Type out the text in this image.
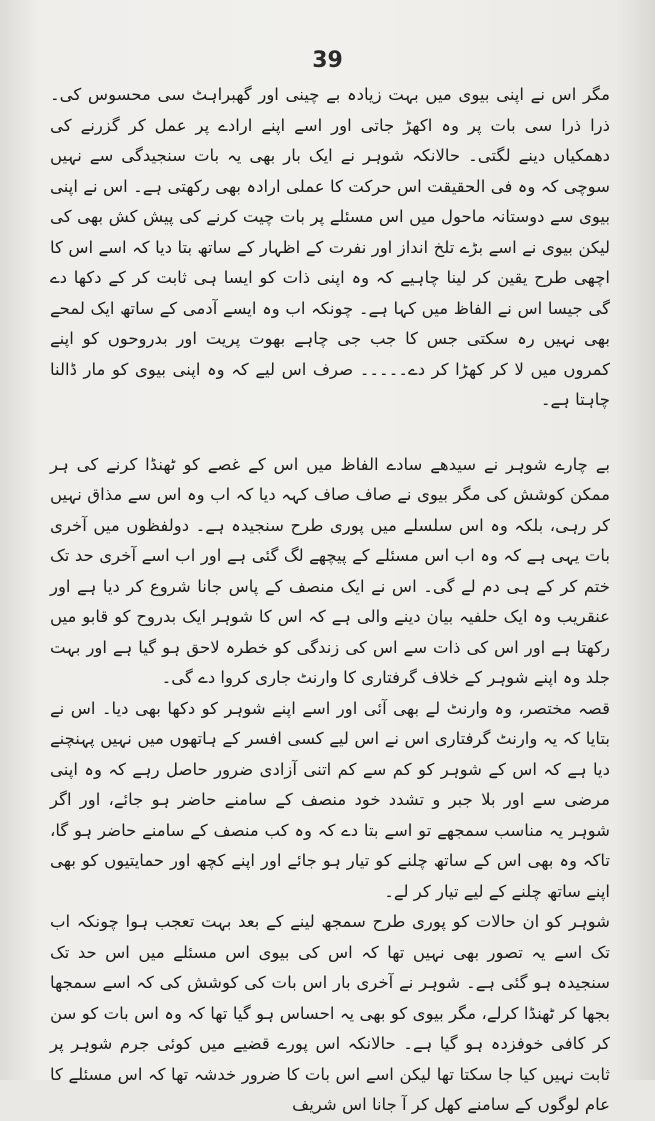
39

مگر اس نے اپنی بیوی میں بہت زیادہ بے چینی اور گھبراہٹ سی محسوس کی۔ ذرا ذرا سی بات پر وہ اکھڑ جاتی اور اسے اپنے ارادے پر عمل کر گزرنے کی دھمکیاں دینے لگتی۔ حالانکہ شوہر نے ایک بار بھی یہ بات سنجیدگی سے نہیں سوچی کہ وہ فی الحقیقت اس حرکت کا عملی ارادہ بھی رکھتی ہے۔ اس نے اپنی بیوی سے دوستانہ ماحول میں اس مسئلے پر بات چیت کرنے کی پیش کش بھی کی لیکن بیوی نے اسے بڑے تلخ انداز اور نفرت کے اظہار کے ساتھ بتا دیا کہ اسے اس کا اچھی طرح یقین کر لینا چاہیے کہ وہ اپنی ذات کو ایسا ہی ثابت کر کے دکھا دے گی جیسا اس نے الفاظ میں کہا ہے۔ چونکہ اب وہ ایسے آدمی کے ساتھ ایک لمحے بھی نہیں رہ سکتی جس کا جب جی چاہے بھوت پریت اور بدروحوں کو اپنے کمروں میں لا کر کھڑا کر دے۔۔۔۔۔ صرف اس لیے کہ وہ اپنی بیوی کو مار ڈالنا چاہتا ہے۔

بے چارے شوہر نے سیدھے سادے الفاظ میں اس کے غصے کو ٹھنڈا کرنے کی ہر ممکن کوشش کی مگر بیوی نے صاف صاف کہہ دیا کہ اب وہ اس سے مذاق نہیں کر رہی، بلکہ وہ اس سلسلے میں پوری طرح سنجیدہ ہے۔ دولفظوں میں آخری بات یہی ہے کہ وہ اب اس مسئلے کے پیچھے لگ گئی ہے اور اب اسے آخری حد تک ختم کر کے ہی دم لے گی۔ اس نے ایک منصف کے پاس جانا شروع کر دیا ہے اور عنقریب وہ ایک حلفیہ بیان دینے والی ہے کہ اس کا شوہر ایک بدروح کو قابو میں رکھتا ہے اور اس کی ذات سے اس کی زندگی کو خطرہ لاحق ہو گیا ہے اور بہت جلد وہ اپنے شوہر کے خلاف گرفتاری کا وارنٹ جاری کروا دے گی۔

قصہ مختصر، وہ وارنٹ لے بھی آئی اور اسے اپنے شوہر کو دکھا بھی دیا۔ اس نے بتایا کہ یہ وارنٹ گرفتاری اس نے اس لیے کسی افسر کے ہاتھوں میں نہیں پہنچنے دیا ہے کہ اس کے شوہر کو کم سے کم اتنی آزادی ضرور حاصل رہے کہ وہ اپنی مرضی سے اور بلا جبر و تشدد خود منصف کے سامنے حاضر ہو جائے، اور اگر شوہر یہ مناسب سمجھے تو اسے بتا دے کہ وہ کب منصف کے سامنے حاضر ہو گا، تاکہ وہ بھی اس کے ساتھ چلنے کو تیار ہو جائے اور اپنے کچھ اور حمایتیوں کو بھی اپنے ساتھ چلنے کے لیے تیار کر لے۔

شوہر کو ان حالات کو پوری طرح سمجھ لینے کے بعد بہت تعجب ہوا چونکہ اب تک اسے یہ تصور بھی نہیں تھا کہ اس کی بیوی اس مسئلے میں اس حد تک سنجیدہ ہو گئی ہے۔ شوہر نے آخری بار اس بات کی کوشش کی کہ اسے سمجھا بجھا کر ٹھنڈا کرلے، مگر بیوی کو بھی یہ احساس ہو گیا تھا کہ وہ اس بات کو سن کر کافی خوفزدہ ہو گیا ہے۔ حالانکہ اس پورے قضیے میں کوئی جرم شوہر پر ثابت نہیں کیا جا سکتا تھا لیکن اسے اس بات کا ضرور خدشہ تھا کہ اس مسئلے کا عام لوگوں کے سامنے کھل کر آ جانا اس شریف
